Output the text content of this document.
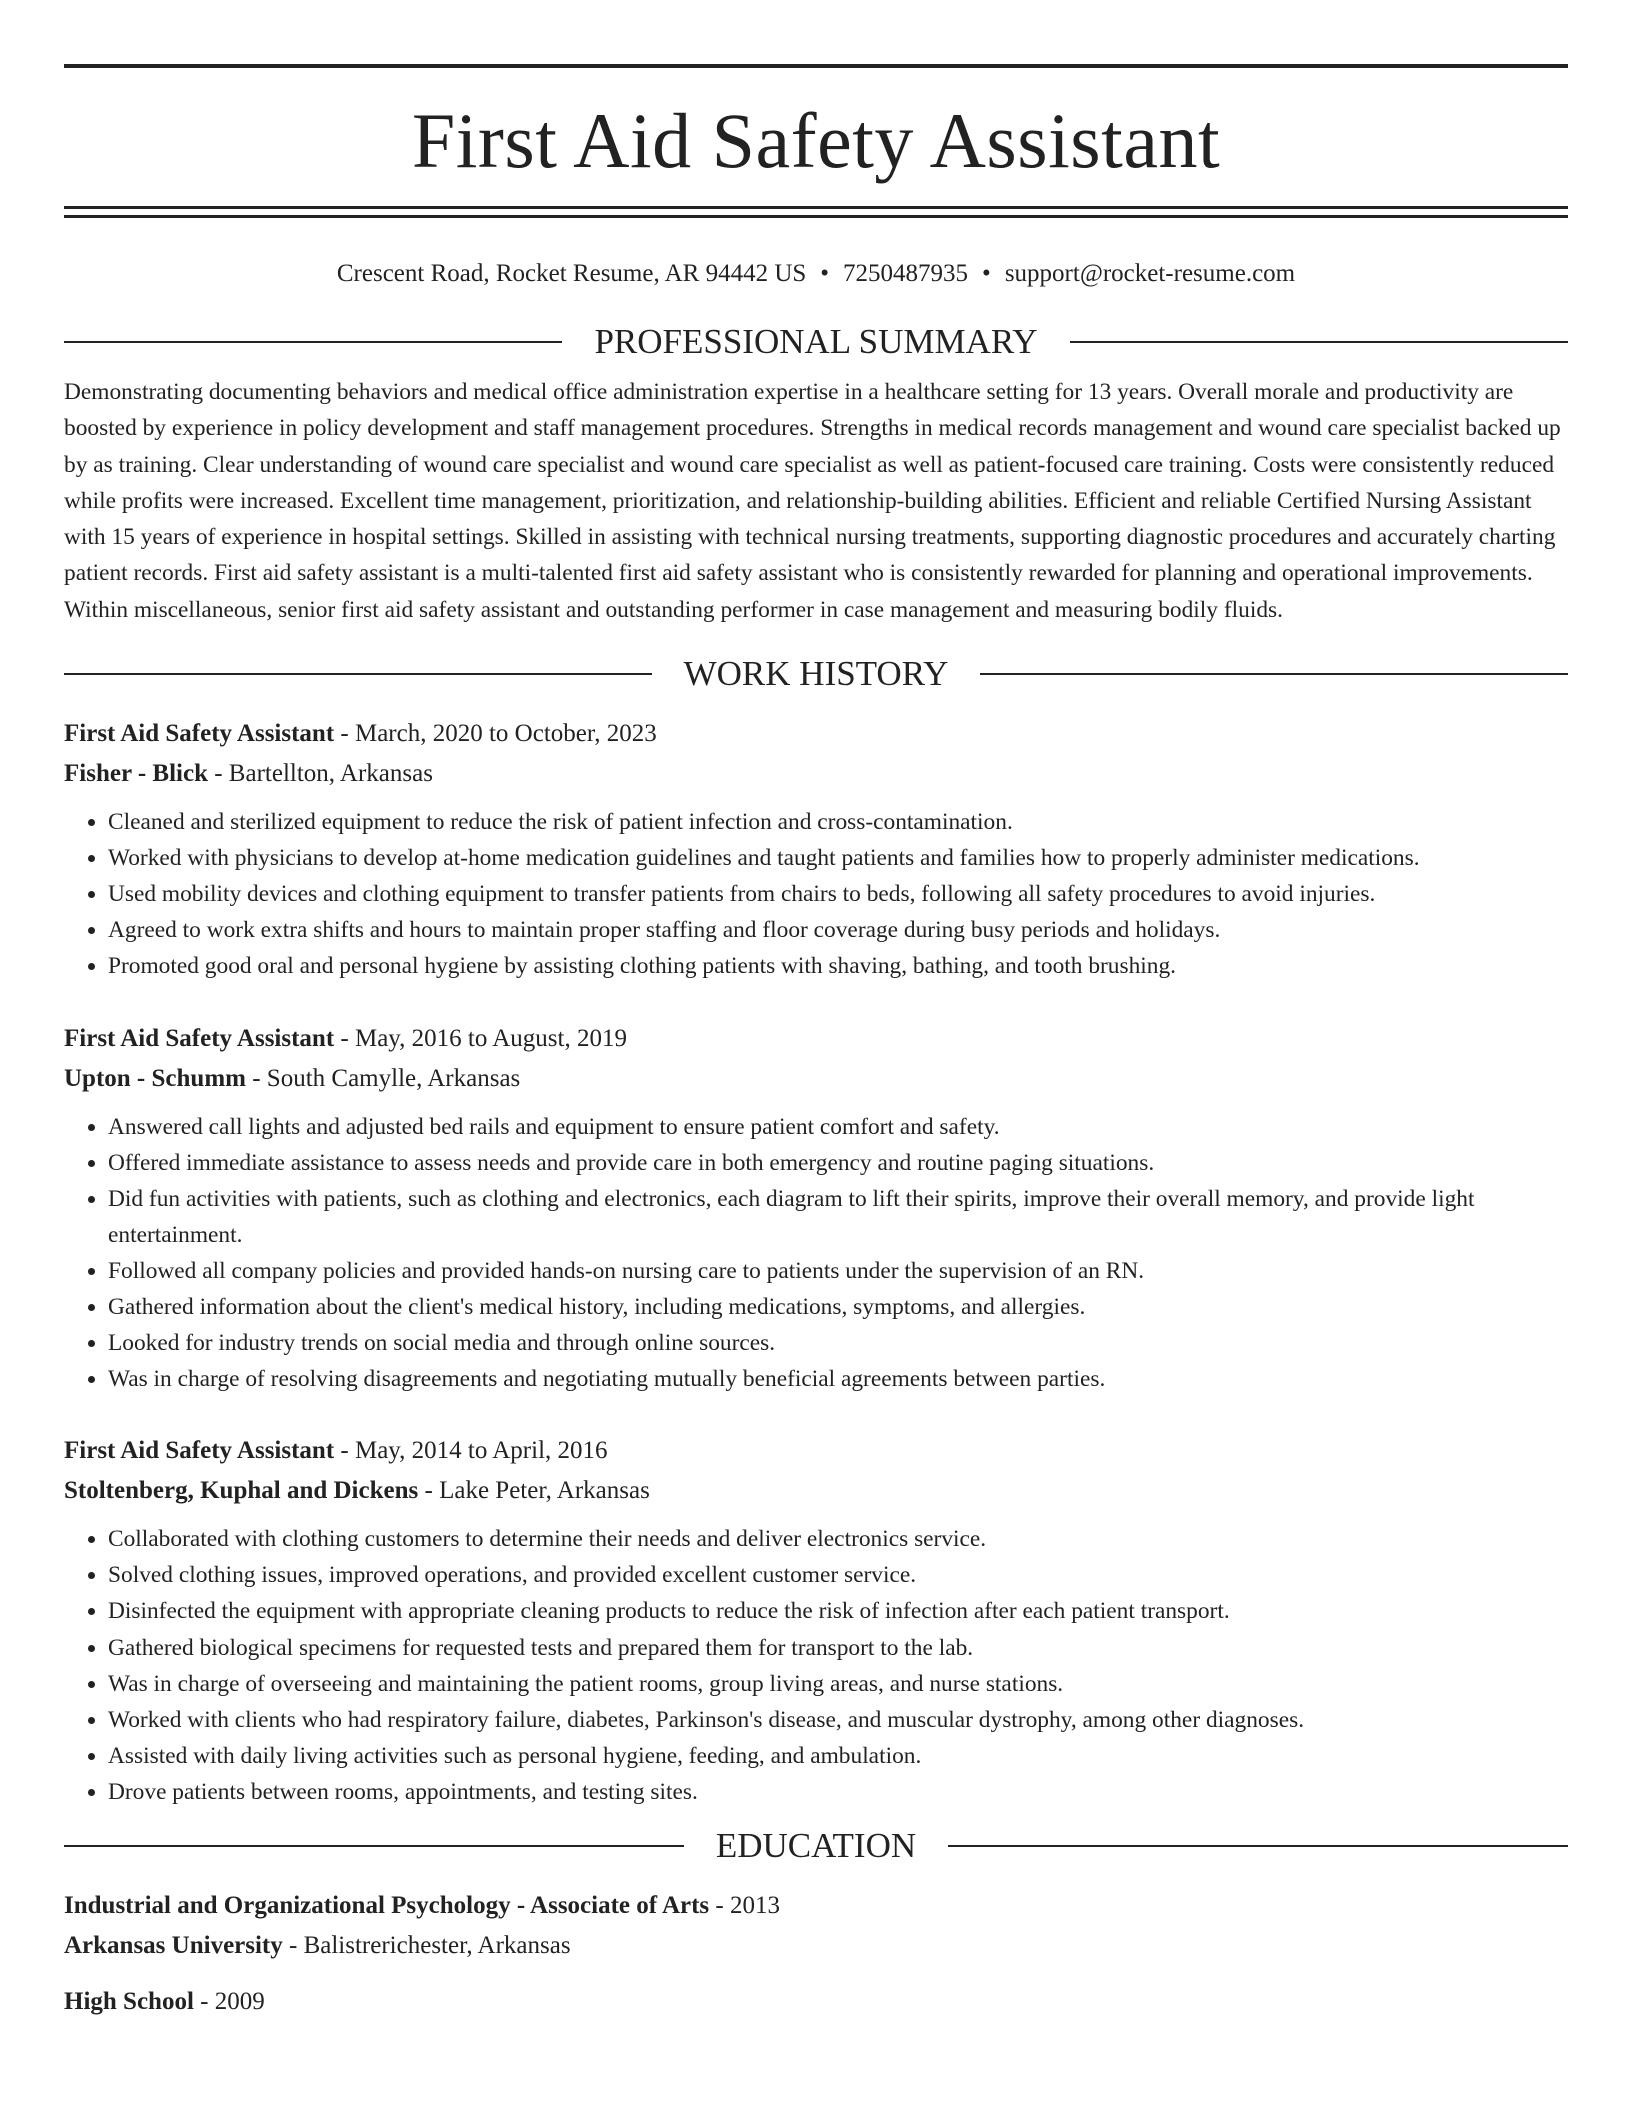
First Aid Safety Assistant
Crescent Road, Rocket Resume, AR 94442 US • 7250487935 • support@rocket-resume.com
PROFESSIONAL SUMMARY

Demonstrating documenting behaviors and medical office administration expertise in a healthcare setting for 13 years. Overall morale and productivity are boosted by experience in policy development and staff management procedures. Strengths in medical records management and wound care specialist backed up by as training. Clear understanding of wound care specialist and wound care specialist as well as patient-focused care training. Costs were consistently reduced while profits were increased. Excellent time management, prioritization, and relationship-building abilities. Efficient and reliable Certified Nursing Assistant with 15 years of experience in hospital settings. Skilled in assisting with technical nursing treatments, supporting diagnostic procedures and accurately charting patient records. First aid safety assistant is a multi-talented first aid safety assistant who is consistently rewarded for planning and operational improvements. Within miscellaneous, senior first aid safety assistant and outstanding performer in case management and measuring bodily fluids.

WORK HISTORY

First Aid Safety Assistant - March, 2020 to October, 2023

Fisher - Blick - Bartellton, Arkansas

• Cleaned and sterilized equipment to reduce the risk of patient infection and cross-contamination.
• Worked with physicians to develop at-home medication guidelines and taught patients and families how to properly administer medications.
• Used mobility devices and clothing equipment to transfer patients from chairs to beds, following all safety procedures to avoid injuries.
• Agreed to work extra shifts and hours to maintain proper staffing and floor coverage during busy periods and holidays.
• Promoted good oral and personal hygiene by assisting clothing patients with shaving, bathing, and tooth brushing.

First Aid Safety Assistant - May, 2016 to August, 2019

Upton - Schumm - South Camylle, Arkansas

• Answered call lights and adjusted bed rails and equipment to ensure patient comfort and safety.
• Offered immediate assistance to assess needs and provide care in both emergency and routine paging situations.
• Did fun activities with patients, such as clothing and electronics, each diagram to lift their spirits, improve their overall memory, and provide light entertainment.
• Followed all company policies and provided hands-on nursing care to patients under the supervision of an RN.
• Gathered information about the client's medical history, including medications, symptoms, and allergies.
• Looked for industry trends on social media and through online sources.
• Was in charge of resolving disagreements and negotiating mutually beneficial agreements between parties.

First Aid Safety Assistant - May, 2014 to April, 2016

Stoltenberg, Kuphal and Dickens - Lake Peter, Arkansas

• Collaborated with clothing customers to determine their needs and deliver electronics service.
• Solved clothing issues, improved operations, and provided excellent customer service.
• Disinfected the equipment with appropriate cleaning products to reduce the risk of infection after each patient transport.
• Gathered biological specimens for requested tests and prepared them for transport to the lab.
• Was in charge of overseeing and maintaining the patient rooms, group living areas, and nurse stations.
• Worked with clients who had respiratory failure, diabetes, Parkinson's disease, and muscular dystrophy, among other diagnoses.
• Assisted with daily living activities such as personal hygiene, feeding, and ambulation.
• Drove patients between rooms, appointments, and testing sites.
EDUCATION

Industrial and Organizational Psychology - Associate of Arts - 2013

Arkansas University - Balistrerichester, Arkansas

High School - 2009
